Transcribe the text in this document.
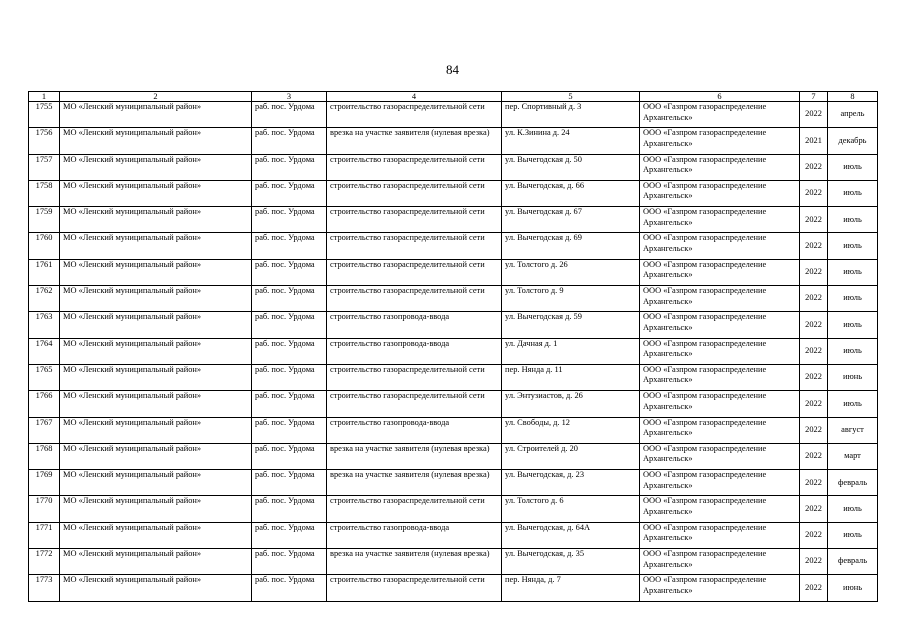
84
1	2	3	4	5	6	7	8
1755	МО «Ленский муниципальный район»	раб. пос. Урдома	строительство газораспределительной сети	пер. Спортивный д. 3	ООО «Газпром газораспределение Архангельск»	2022	апрель
1756	МО «Ленский муниципальный район»	раб. пос. Урдома	врезка на участке заявителя (нулевая врезка)	ул. К.Зинина д. 24	ООО «Газпром газораспределение Архангельск»	2021	декабрь
1757	МО «Ленский муниципальный район»	раб. пос. Урдома	строительство газораспределительной сети	ул. Вычегодская д. 50	ООО «Газпром газораспределение Архангельск»	2022	июль
1758	МО «Ленский муниципальный район»	раб. пос. Урдома	строительство газораспределительной сети	ул. Вычегодская, д. 66	ООО «Газпром газораспределение Архангельск»	2022	июль
1759	МО «Ленский муниципальный район»	раб. пос. Урдома	строительство газораспределительной сети	ул. Вычегодская д. 67	ООО «Газпром газораспределение Архангельск»	2022	июль
1760	МО «Ленский муниципальный район»	раб. пос. Урдома	строительство газораспределительной сети	ул. Вычегодская д. 69	ООО «Газпром газораспределение Архангельск»	2022	июль
1761	МО «Ленский муниципальный район»	раб. пос. Урдома	строительство газораспределительной сети	ул. Толстого д. 26	ООО «Газпром газораспределение Архангельск»	2022	июль
1762	МО «Ленский муниципальный район»	раб. пос. Урдома	строительство газораспределительной сети	ул. Толстого д. 9	ООО «Газпром газораспределение Архангельск»	2022	июль
1763	МО «Ленский муниципальный район»	раб. пос. Урдома	строительство газопровода-ввода	ул. Вычегодская д. 59	ООО «Газпром газораспределение Архангельск»	2022	июль
1764	МО «Ленский муниципальный район»	раб. пос. Урдома	строительство газопровода-ввода	ул. Дачная д. 1	ООО «Газпром газораспределение Архангельск»	2022	июль
1765	МО «Ленский муниципальный район»	раб. пос. Урдома	строительство газораспределительной сети	пер. Нянда д. 11	ООО «Газпром газораспределение Архангельск»	2022	июнь
1766	МО «Ленский муниципальный район»	раб. пос. Урдома	строительство газораспределительной сети	ул. Энтузиастов, д. 26	ООО «Газпром газораспределение Архангельск»	2022	июль
1767	МО «Ленский муниципальный район»	раб. пос. Урдома	строительство газопровода-ввода	ул. Свободы, д. 12	ООО «Газпром газораспределение Архангельск»	2022	август
1768	МО «Ленский муниципальный район»	раб. пос. Урдома	врезка на участке заявителя (нулевая врезка)	ул. Строителей д. 20	ООО «Газпром газораспределение Архангельск»	2022	март
1769	МО «Ленский муниципальный район»	раб. пос. Урдома	врезка на участке заявителя (нулевая врезка)	ул. Вычегодская, д. 23	ООО «Газпром газораспределение Архангельск»	2022	февраль
1770	МО «Ленский муниципальный район»	раб. пос. Урдома	строительство газораспределительной сети	ул. Толстого д. 6	ООО «Газпром газораспределение Архангельск»	2022	июль
1771	МО «Ленский муниципальный район»	раб. пос. Урдома	строительство газопровода-ввода	ул. Вычегодская, д. 64А	ООО «Газпром газораспределение Архангельск»	2022	июль
1772	МО «Ленский муниципальный район»	раб. пос. Урдома	врезка на участке заявителя (нулевая врезка)	ул. Вычегодская, д. 35	ООО «Газпром газораспределение Архангельск»	2022	февраль
1773	МО «Ленский муниципальный район»	раб. пос. Урдома	строительство газораспределительной сети	пер. Нянда, д. 7	ООО «Газпром газораспределение Архангельск»	2022	июнь
